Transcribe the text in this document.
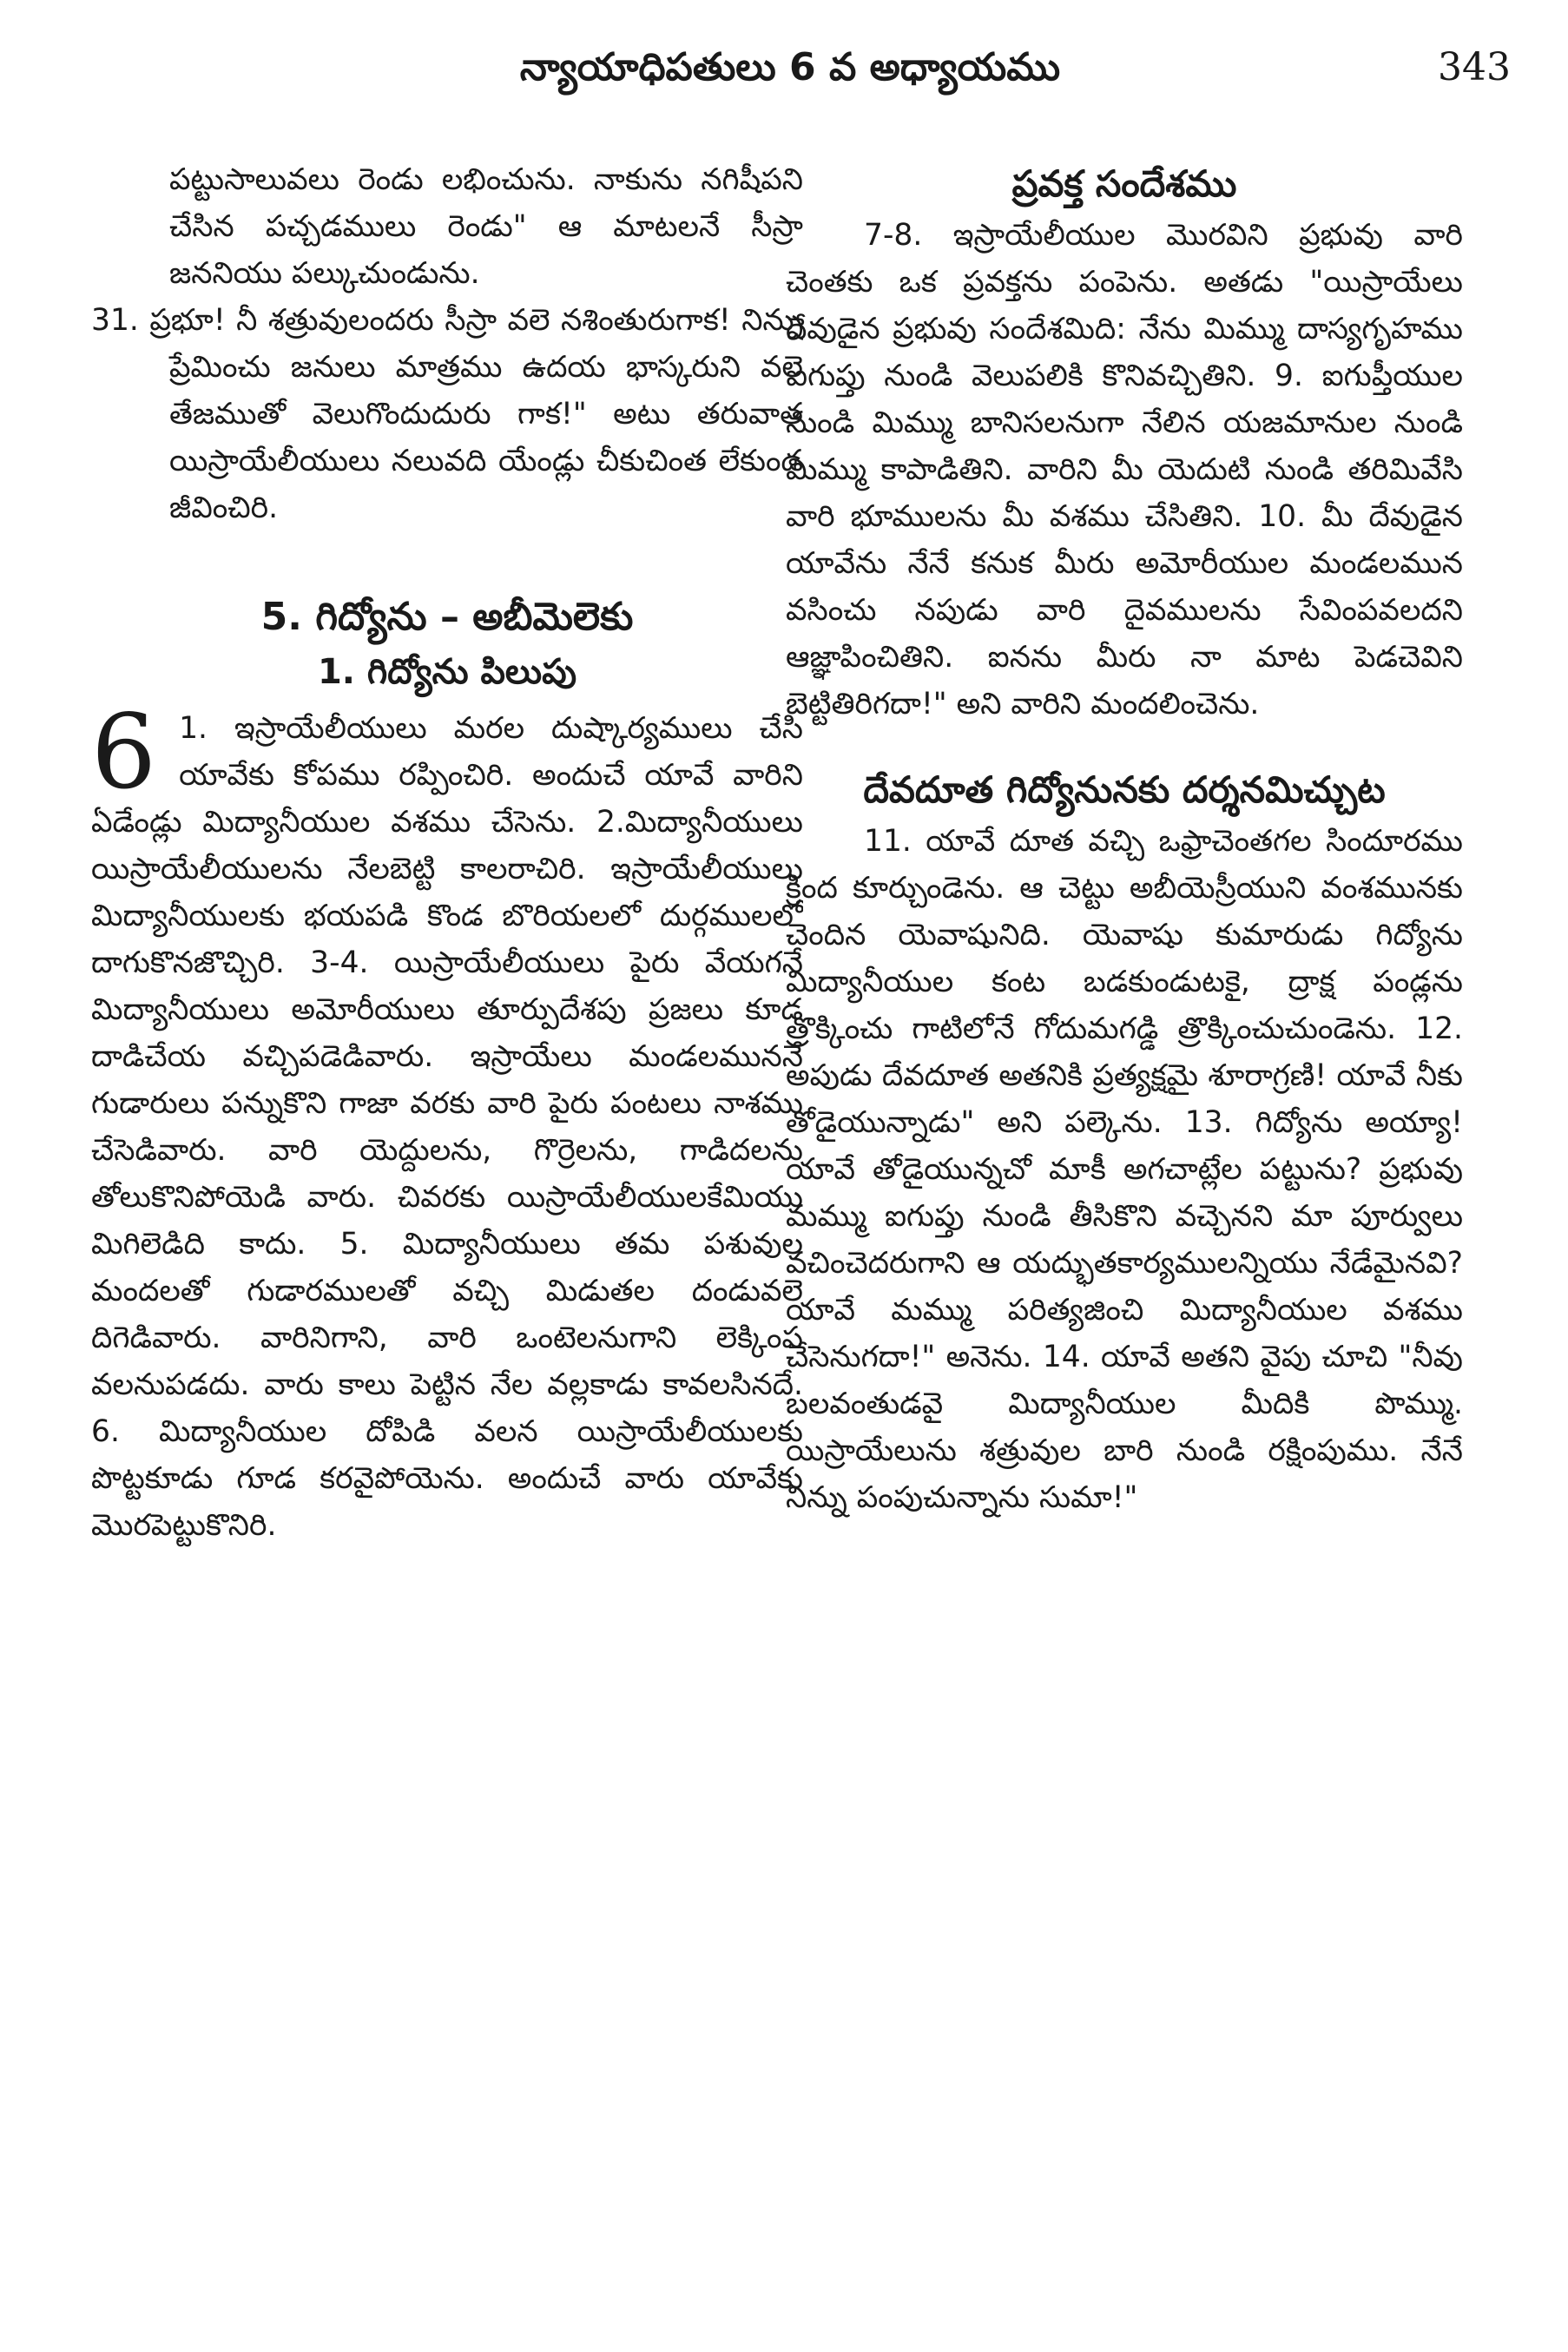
న్యాయాధిపతులు 6 వ అధ్యాయము	343

పట్టుసాలువలు రెండు లభించును. నాకును నగిషీపని చేసిన పచ్చడములు రెండు" ఆ మాటలనే సీస్రా జననియు పల్కుచుండును.

31. ప్రభూ! నీ శత్రువులందరు సీస్రా వలె నశింతురుగాక! నిన్ను ప్రేమించు జనులు మాత్రము ఉదయ భాస్కరుని వలె తేజముతో వెలుగొందుదురు గాక!" అటు తరువాత యిస్రాయేలీయులు నలువది యేండ్లు చీకుచింత లేకుండ జీవించిరి.

5. గిద్యోను – అబీమెలెకు

1. గిద్యోను పిలుపు

6 1. ఇస్రాయేలీయులు మరల దుష్కార్యములు చేసి యావేకు కోపము రప్పించిరి. అందుచే యావే వారిని ఏడేండ్లు మిద్యానీయుల వశము చేసెను. 2.మిద్యానీయులు యిస్రాయేలీయులను నేలబెట్టి కాలరాచిరి. ఇస్రాయేలీయులు మిద్యానీయులకు భయపడి కొండ బొరియలలో దుర్గములలో దాగుకొనజొచ్చిరి. 3-4. యిస్రాయేలీయులు పైరు వేయగనే మిద్యానీయులు అమోరీయులు తూర్పుదేశపు ప్రజలు కూడ దాడిచేయ వచ్చిపడెడివారు. ఇస్రాయేలు మండలముననే గుడారులు పన్నుకొని గాజా వరకు వారి పైరు పంటలు నాశము చేసెడివారు. వారి యెద్దులను, గొర్రెలను, గాడిదలను తోలుకొనిపోయెడి వారు. చివరకు యిస్రాయేలీయులకేమియు మిగిలెడిది కాదు. 5. మిద్యానీయులు తమ పశువుల మందలతో గుడారములతో వచ్చి మిడుతల దండువలె దిగెడివారు. వారినిగాని, వారి ఒంటెలనుగాని లెక్కింప వలనుపడదు. వారు కాలు పెట్టిన నేల వల్లకాడు కావలసినదే. 6. మిద్యానీయుల దోపిడి వలన యిస్రాయేలీయులకు పొట్టకూడు గూడ కరవైపోయెను. అందుచే వారు యావేకు మొరపెట్టుకొనిరి.

ప్రవక్త సందేశము

7-8. ఇస్రాయేలీయుల మొరవిని ప్రభువు వారి చెంతకు ఒక ప్రవక్తను పంపెను. అతడు "యిస్రాయేలు దేవుడైన ప్రభువు సందేశమిది: నేను మిమ్ము దాస్యగృహము ఐగుప్తు నుండి వెలుపలికి కొనివచ్చితిని. 9. ఐగుప్తీయుల నుండి మిమ్ము బానిసలనుగా నేలిన యజమానుల నుండి మిమ్ము కాపాడితిని. వారిని మీ యెదుటి నుండి తరిమివేసి వారి భూములను మీ వశము చేసితిని. 10. మీ దేవుడైన యావేను నేనే కనుక మీరు అమోరీయుల మండలమున వసించు నపుడు వారి దైవములను సేవింపవలదని ఆజ్ఞాపించితిని. ఐనను మీరు నా మాట పెడచెవిని బెట్టితిరిగదా!" అని వారిని మందలించెను.

దేవదూత గిద్యోనునకు దర్శనమిచ్చుట

11. యావే దూత వచ్చి ఒఫ్రాచెంతగల సిందూరము క్రింద కూర్చుండెను. ఆ చెట్టు అబీయెస్రీయుని వంశమునకు చెందిన యెవాషునిది. యెవాషు కుమారుడు గిద్యోను మిద్యానీయుల కంట బడకుండుటకై, ద్రాక్ష పండ్లను త్రొక్కించు గాటిలోనే గోదుమగడ్డి త్రొక్కించుచుండెను. 12. అపుడు దేవదూత అతనికి ప్రత్యక్షమై శూరాగ్రణి! యావే నీకు తోడైయున్నాడు" అని పల్కెను. 13. గిద్యోను అయ్యా! యావే తోడైయున్నచో మాకీ అగచాట్లేల పట్టును? ప్రభువు మమ్ము ఐగుప్తు నుండి తీసికొని వచ్చెనని మా పూర్వులు వచించెదరుగాని ఆ యద్భుతకార్యములన్నియు నేడేమైనవి? యావే మమ్ము పరిత్యజించి మిద్యానీయుల వశము చేసెనుగదా!" అనెను. 14. యావే అతని వైపు చూచి "నీవు బలవంతుడవై మిద్యానీయుల మీదికి పొమ్ము. యిస్రాయేలును శత్రువుల బారి నుండి రక్షింపుము. నేనే నిన్ను పంపుచున్నాను సుమా!"
